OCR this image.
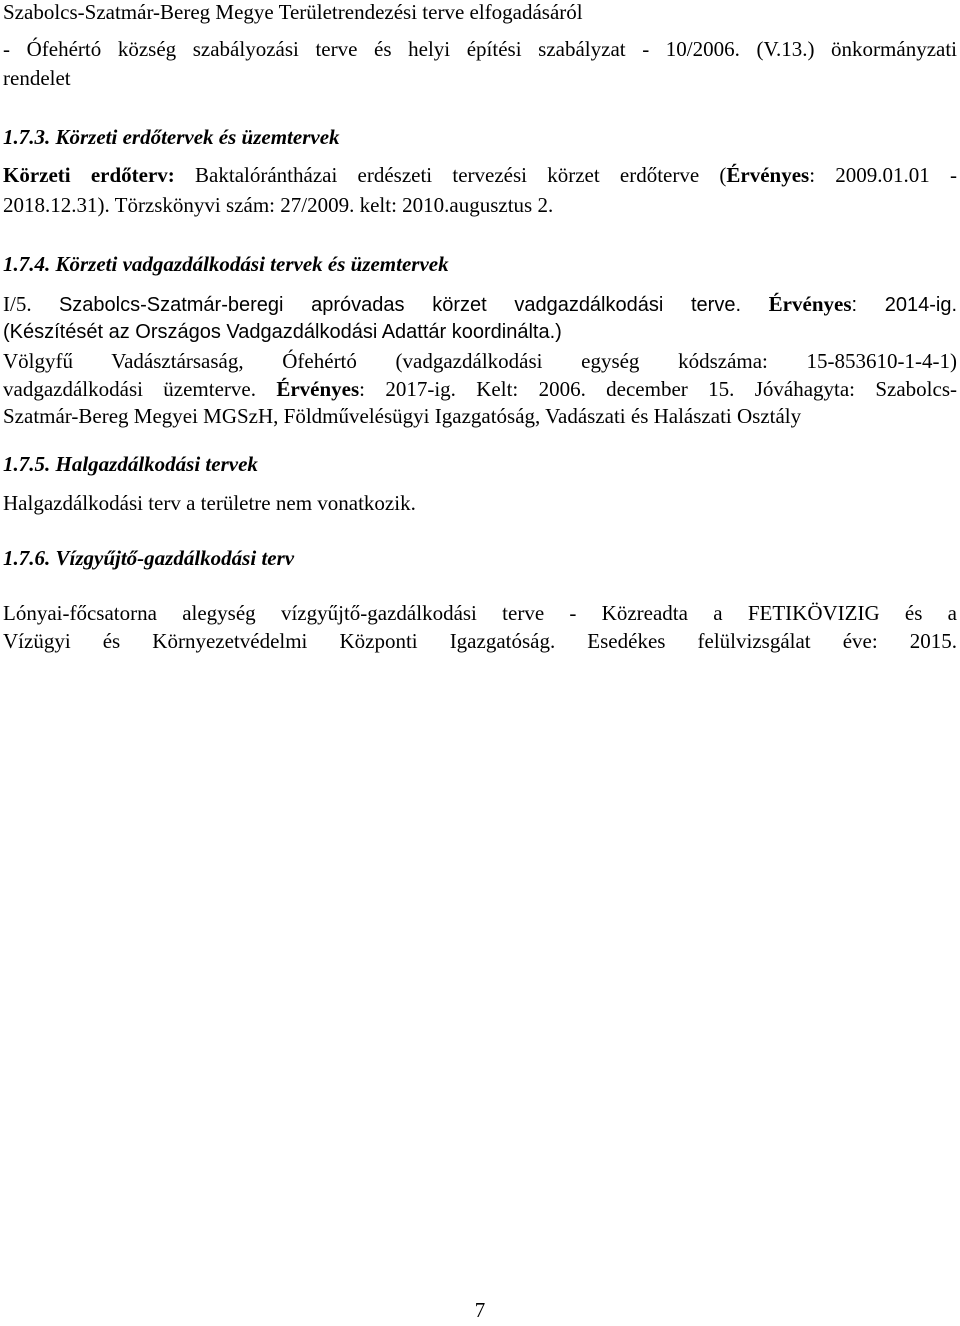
Szabolcs-Szatmár-Bereg Megye Területrendezési terve elfogadásáról

- Ófehértó község szabályozási terve és helyi építési szabályzat - 10/2006. (V.13.) önkormányzati

rendelet

1.7.3. Körzeti erdőtervek és üzemtervek

Körzeti erdőterv: Baktalórántházai erdészeti tervezési körzet erdőterve (Érvényes: 2009.01.01 -

2018.12.31). Törzskönyvi szám: 27/2009. kelt: 2010.augusztus 2.

1.7.4. Körzeti vadgazdálkodási tervek és üzemtervek

I/5. Szabolcs-Szatmár-beregi apróvadas körzet vadgazdálkodási terve. Érvényes: 2014-ig.

(Készítését az Országos Vadgazdálkodási Adattár koordinálta.)

Völgyfű Vadásztársaság, Ófehértó (vadgazdálkodási egység kódszáma: 15-853610-1-4-1)

vadgazdálkodási üzemterve. Érvényes: 2017-ig. Kelt: 2006. december 15. Jóváhagyta: Szabolcs-

Szatmár-Bereg Megyei MGSzH, Földművelésügyi Igazgatóság, Vadászati és Halászati Osztály

1.7.5. Halgazdálkodási tervek

Halgazdálkodási terv a területre nem vonatkozik.

1.7.6. Vízgyűjtő-gazdálkodási terv

Lónyai-főcsatorna alegység vízgyűjtő-gazdálkodási terve - Közreadta a FETIKÖVIZIG és a

Vízügyi és Környezetvédelmi Központi Igazgatóság. Esedékes felülvizsgálat éve: 2015.

7
